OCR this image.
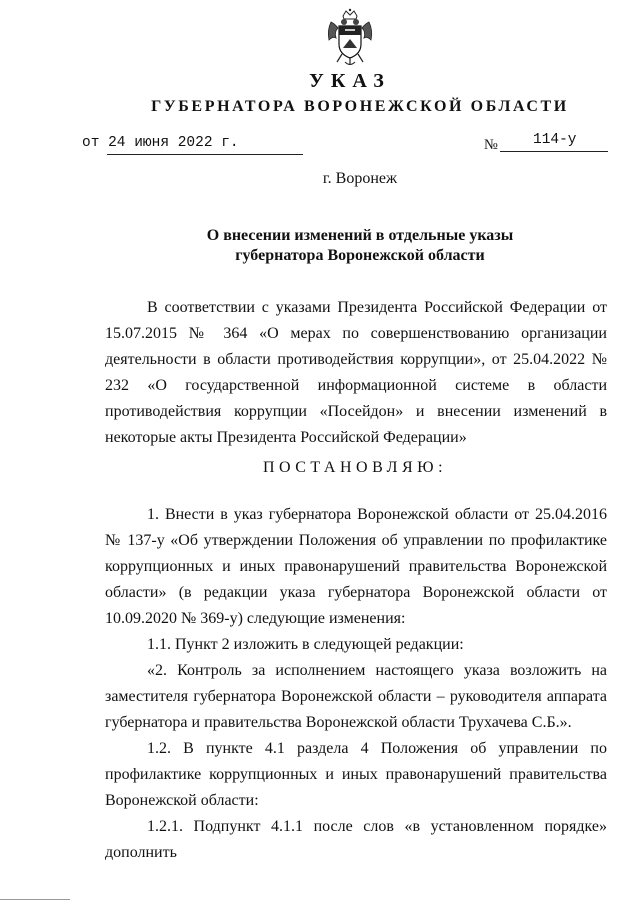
УКАЗ
ГУБЕРНАТОРА ВОРОНЕЖСКОЙ ОБЛАСТИ
от 24 июня 2022 г.	№ 114-у
г. Воронеж
О внесении изменений в отдельные указы
губернатора Воронежской области

В соответствии с указами Президента Российской Федерации от 15.07.2015 № 364 «О мерах по совершенствованию организации деятельности в области противодействия коррупции», от 25.04.2022 № 232 «О государственной информационной системе в области противодействия коррупции «Посейдон» и внесении изменений в некоторые акты Президента Российской Федерации»

ПОСТАНОВЛЯЮ:

1. Внести в указ губернатора Воронежской области от 25.04.2016 № 137-у «Об утверждении Положения об управлении по профилактике коррупционных и иных правонарушений правительства Воронежской области» (в редакции указа губернатора Воронежской области от 10.09.2020 № 369-у) следующие изменения:

1.1. Пункт 2 изложить в следующей редакции:

«2. Контроль за исполнением настоящего указа возложить на заместителя губернатора Воронежской области – руководителя аппарата губернатора и правительства Воронежской области Трухачева С.Б.».

1.2. В пункте 4.1 раздела 4 Положения об управлении по профилактике коррупционных и иных правонарушений правительства Воронежской области:

1.2.1. Подпункт 4.1.1 после слов «в установленном порядке» дополнить
